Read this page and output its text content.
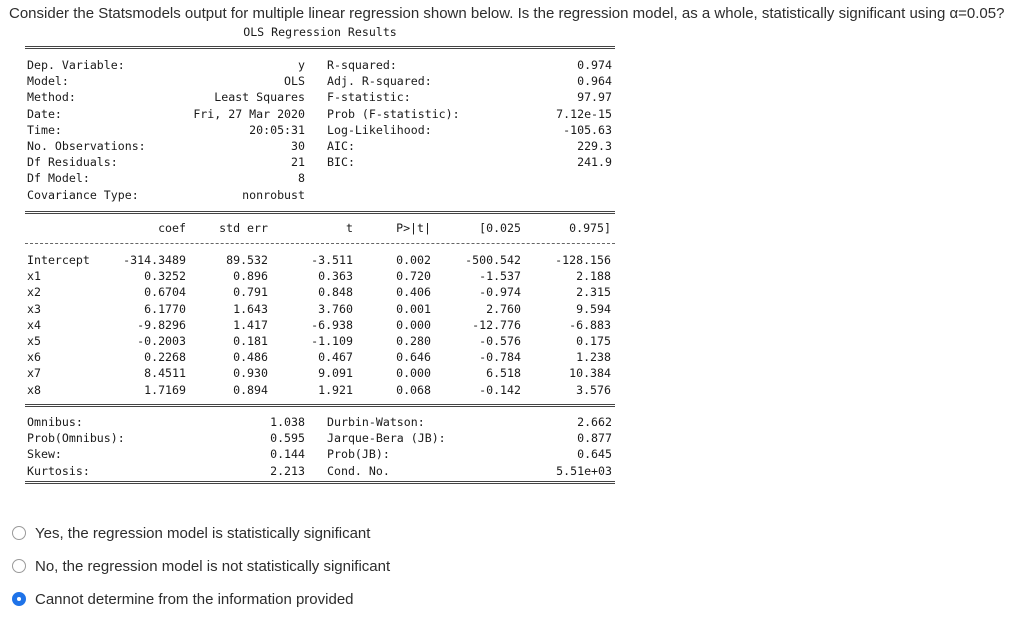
Consider the Statsmodels output for multiple linear regression shown below. Is the regression model, as a whole, statistically significant using α=0.05?
OLS Regression Results
Dep. Variable:	y
Model:	OLS
Method:	Least Squares
Date:	Fri, 27 Mar 2020
Time:	20:05:31
No. Observations:	30
Df Residuals:	21
Df Model:	8
Covariance Type:	nonrobust
R-squared:	0.974
Adj. R-squared:	0.964
F-statistic:	97.97
Prob (F-statistic):	7.12e-15
Log-Likelihood:	-105.63
AIC:	229.3
BIC:	241.9
coef	std err	t	P>|t|	[0.025	0.975]
Intercept	-314.3489	89.532	-3.511	0.002	-500.542	-128.156
x1	0.3252	0.896	0.363	0.720	-1.537	2.188
x2	0.6704	0.791	0.848	0.406	-0.974	2.315
x3	6.1770	1.643	3.760	0.001	2.760	9.594
x4	-9.8296	1.417	-6.938	0.000	-12.776	-6.883
x5	-0.2003	0.181	-1.109	0.280	-0.576	0.175
x6	0.2268	0.486	0.467	0.646	-0.784	1.238
x7	8.4511	0.930	9.091	0.000	6.518	10.384
x8	1.7169	0.894	1.921	0.068	-0.142	3.576
Omnibus:	1.038
Prob(Omnibus):	0.595
Skew:	0.144
Kurtosis:	2.213
Durbin-Watson:	2.662
Jarque-Bera (JB):	0.877
Prob(JB):	0.645
Cond. No.	5.51e+03
Yes, the regression model is statistically significant
No, the regression model is not statistically significant
Cannot determine from the information provided
